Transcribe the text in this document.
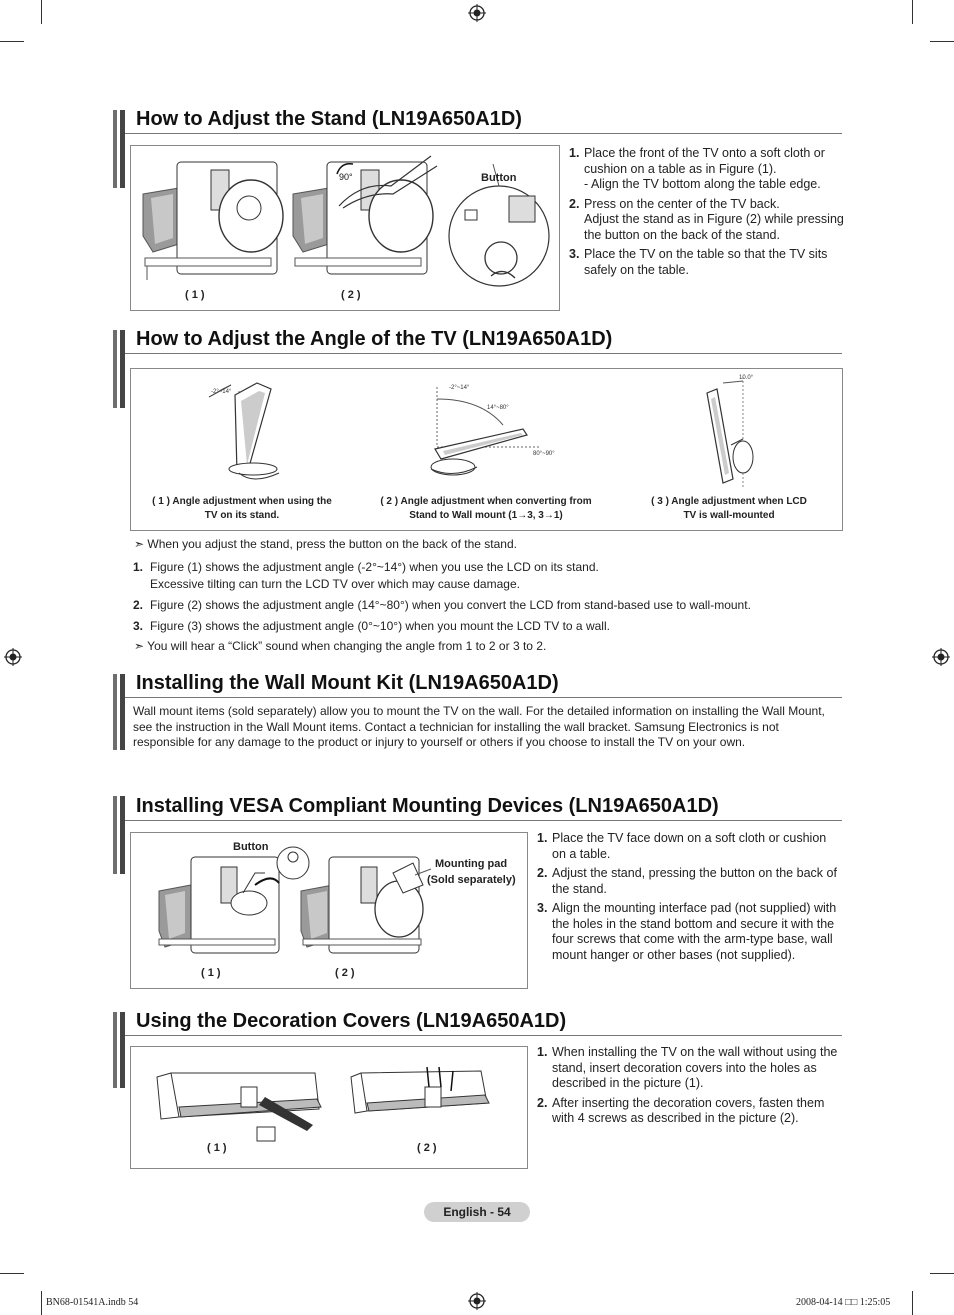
How to Adjust the Stand (LN19A650A1D)
90°	Button
( 1 )	( 2 )
1. Place the front of the TV onto a soft cloth or cushion on a table as in Figure (1).
- Align the TV bottom along the table edge.
2. Press on the center of the TV back.
Adjust the stand as in Figure (2) while pressing the button on the back of the stand.
3. Place the TV on the table so that the TV sits safely on the table.
How to Adjust the Angle of the TV (LN19A650A1D)
-2°~14°
-2°~14°
14°~80°
80°~90°
10.0°
( 1 ) Angle adjustment when using the
TV on its stand.
( 2 ) Angle adjustment when converting from
Stand to Wall mount (1→3, 3→1)
( 3 ) Angle adjustment when LCD
TV is wall-mounted
➣ When you adjust the stand, press the button on the back of the stand.
1. Figure (1) shows the adjustment angle (-2°~14°) when you use the LCD on its stand.
Excessive tilting can turn the LCD TV over which may cause damage.
2. Figure (2) shows the adjustment angle (14°~80°) when you convert the LCD from stand-based use to wall-mount.
3. Figure (3) shows the adjustment angle (0°~10°) when you mount the LCD TV to a wall.
➣ You will hear a “Click” sound when changing the angle from 1 to 2 or 3 to 2.
Installing the Wall Mount Kit (LN19A650A1D)
Wall mount items (sold separately) allow you to mount the TV on the wall. For the detailed information on installing the Wall Mount, see the instruction in the Wall Mount items. Contact a technician for installing the wall bracket. Samsung Electronics is not responsible for any damage to the product or injury to yourself or others if you choose to install the TV on your own.
Installing VESA Compliant Mounting Devices (LN19A650A1D)
Button
Mounting pad
(Sold separately)
( 1 )	( 2 )
1. Place the TV face down on a soft cloth or cushion on a table.
2. Adjust the stand, pressing the button on the back of the stand.
3. Align the mounting interface pad (not supplied) with the holes in the stand bottom and secure it with the four screws that come with the arm-type base, wall mount hanger or other bases (not supplied).
Using the Decoration Covers (LN19A650A1D)
( 1 )	( 2 )
1. When installing the TV on the wall without using the stand, insert decoration covers into the holes as described in the picture (1).
2. After inserting the decoration covers, fasten them with 4 screws as described in the picture (2).
English - 54
BN68-01541A.indb 54	2008-04-14 □□ 1:25:05
